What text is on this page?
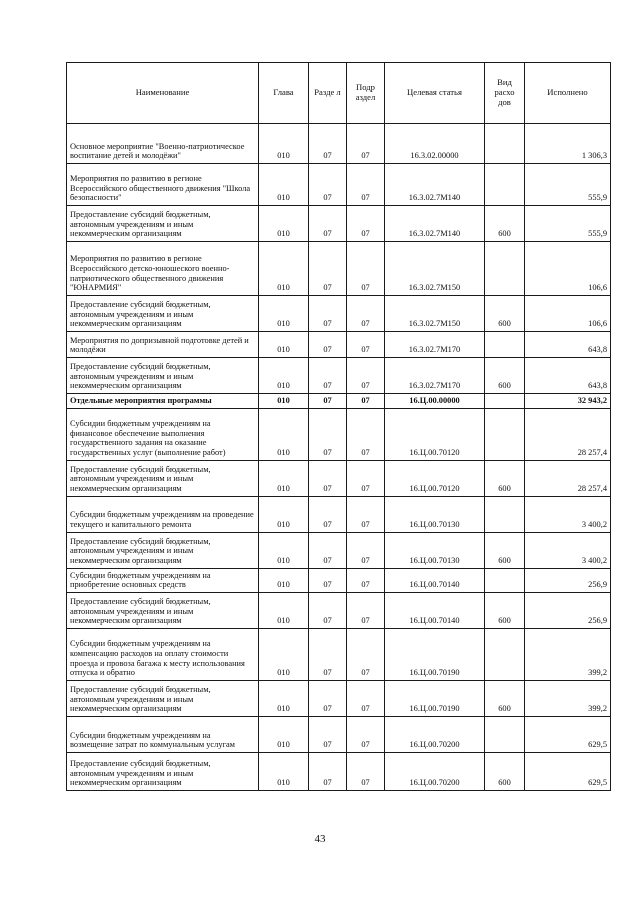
Наименование	Глава	Разде л	Подр аздел	Целевая статья	Вид расхо дов	Исполнено
Основное мероприятие "Военно-патриотическое воспитание детей и молодёжи"	010	07	07	16.3.02.00000		1 306,3
Мероприятия по развитию в регионе Всероссийского общественного движения "Школа безопасности"	010	07	07	16.3.02.7М140		555,9
Предоставление субсидий бюджетным, автономным учреждениям и иным некоммерческим организациям	010	07	07	16.3.02.7М140	600	555,9
Мероприятия по развитию в регионе Всероссийского детско-юношеского военно-патриотического общественного движения "ЮНАРМИЯ"	010	07	07	16.3.02.7М150		106,6
Предоставление субсидий бюджетным, автономным учреждениям и иным некоммерческим организациям	010	07	07	16.3.02.7М150	600	106,6
Мероприятия по допризывной подготовке детей и молодёжи	010	07	07	16.3.02.7М170		643,8
Предоставление субсидий бюджетным, автономным учреждениям и иным некоммерческим организациям	010	07	07	16.3.02.7М170	600	643,8
Отдельные мероприятия программы	010	07	07	16.Ц.00.00000		32 943,2
Субсидии бюджетным учреждениям на финансовое обеспечение выполнения государственного задания на оказание государственных услуг (выполнение работ)	010	07	07	16.Ц.00.70120		28 257,4
Предоставление субсидий бюджетным, автономным учреждениям и иным некоммерческим организациям	010	07	07	16.Ц.00.70120	600	28 257,4
Субсидии бюджетным учреждениям на проведение текущего и капитального ремонта	010	07	07	16.Ц.00.70130		3 400,2
Предоставление субсидий бюджетным, автономным учреждениям и иным некоммерческим организациям	010	07	07	16.Ц.00.70130	600	3 400,2
Субсидии бюджетным учреждениям на приобретение основных средств	010	07	07	16.Ц.00.70140		256,9
Предоставление субсидий бюджетным, автономным учреждениям и иным некоммерческим организациям	010	07	07	16.Ц.00.70140	600	256,9
Субсидии бюджетным учреждениям на компенсацию расходов на оплату стоимости проезда и провоза багажа к месту использования отпуска и обратно	010	07	07	16.Ц.00.70190		399,2
Предоставление субсидий бюджетным, автономным учреждениям и иным некоммерческим организациям	010	07	07	16.Ц.00.70190	600	399,2
Субсидии бюджетным учреждениям на возмещение затрат по коммунальным услугам	010	07	07	16.Ц.00.70200		629,5
Предоставление субсидий бюджетным, автономным учреждениям и иным некоммерческим организациям	010	07	07	16.Ц.00.70200	600	629,5
43
